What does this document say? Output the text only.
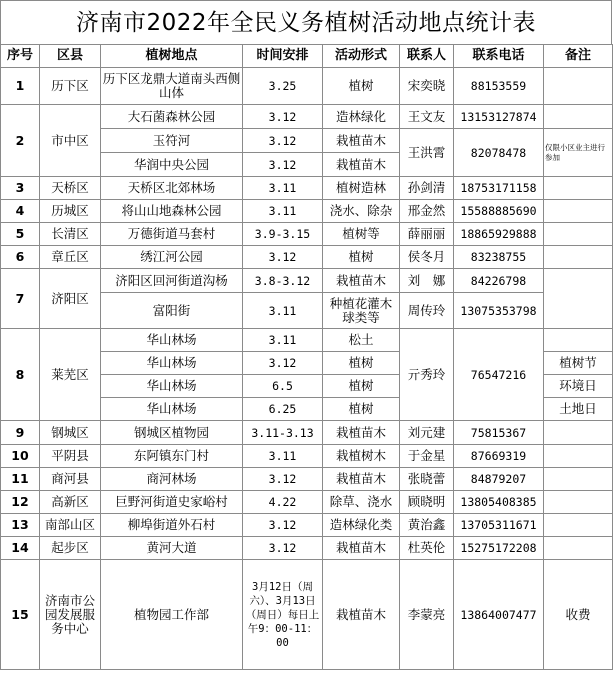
济南市2022年全民义务植树活动地点统计表
序号	区县	植树地点	时间安排	活动形式	联系人	联系电话	备注
1	历下区	历下区龙鼎大道南头西侧山体	3.25	植树	宋奕晓	88153559	
2	市中区	大石菌森林公园	3.12	造林绿化	王文友	13153127874	
		玉符河	3.12	栽植苗木	王洪霄	82078478	仅限小区业主进行参加
		华润中央公园	3.12	栽植苗木			
3	天桥区	天桥区北郊林场	3.11	植树造林	孙剑清	18753171158	
4	历城区	将山山地森林公园	3.11	浇水、除杂	邢金然	15588885690	
5	长清区	万德街道马套村	3.9-3.15	植树等	薛丽丽	18865929888	
6	章丘区	绣江河公园	3.12	植树	侯冬月	83238755	
7	济阳区	济阳区回河街道沟杨	3.8-3.12	栽植苗木	刘　娜	84226798	
		富阳街	3.11	种植花灌木球类等	周传玲	13075353798	
8	莱芜区	华山林场	3.11	松土	亓秀玲	76547216	
		华山林场	3.12	植树			植树节
		华山林场	6.5	植树			环境日
		华山林场	6.25	植树			土地日
9	钢城区	钢城区植物园	3.11-3.13	栽植苗木	刘元建	75815367	
10	平阴县	东阿镇东门村	3.11	栽植树木	于金星	87669319	
11	商河县	商河林场	3.12	栽植苗木	张晓蕾	84879207	
12	高新区	巨野河街道史家峪村	4.22	除草、浇水	顾晓明	13805408385	
13	南部山区	柳埠街道外石村	3.12	造林绿化类	黄治鑫	13705311671	
14	起步区	黄河大道	3.12	栽植苗木	杜英伦	15275172208	
15	济南市公园发展服务中心	植物园工作部	3月12日（周六）、3月13日（周日）每日上午9：00-11：00	栽植苗木	李蒙亮	13864007477	收费
